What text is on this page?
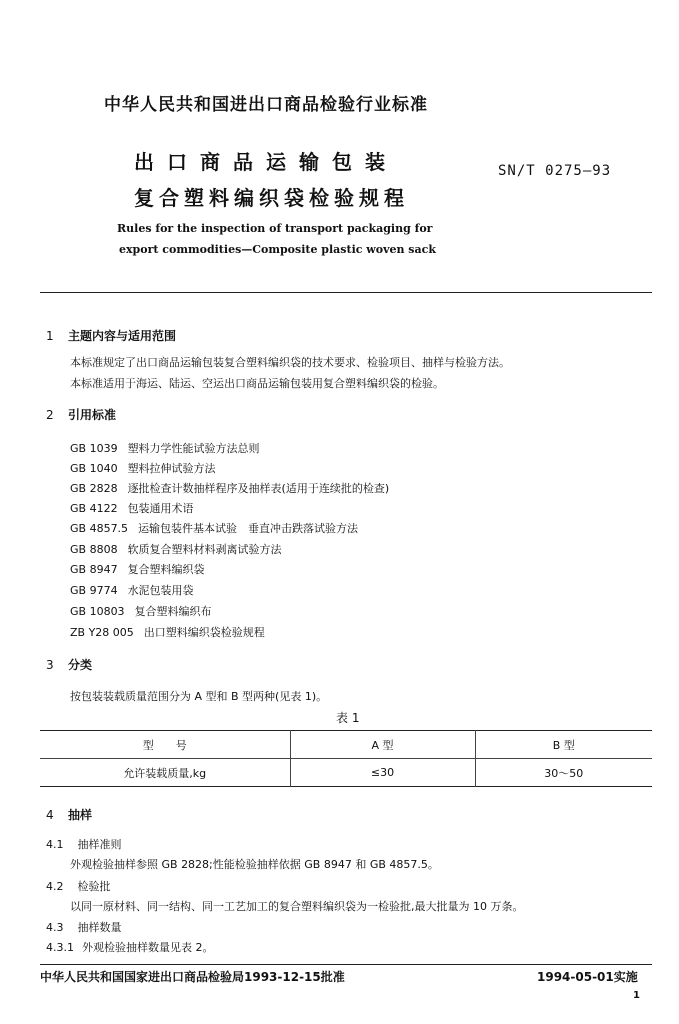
中华人民共和国进出口商品检验行业标准
出口商品运输包装
复合塑料编织袋检验规程
SN/T 0275—93
Rules for the inspection of transport packaging for
export commodities—Composite plastic woven sack
1 主题内容与适用范围
本标准规定了出口商品运输包装复合塑料编织袋的技术要求、检验项目、抽样与检验方法。
本标准适用于海运、陆运、空运出口商品运输包装用复合塑料编织袋的检验。
2 引用标准
GB 1039 塑料力学性能试验方法总则
GB 1040 塑料拉伸试验方法
GB 2828 逐批检查计数抽样程序及抽样表(适用于连续批的检查)
GB 4122 包装通用术语
GB 4857.5 运输包装件基本试验　垂直冲击跌落试验方法
GB 8808 软质复合塑料材料剥离试验方法
GB 8947 复合塑料编织袋
GB 9774 水泥包装用袋
GB 10803 复合塑料编织布
ZB Y28 005 出口塑料编织袋检验规程
3 分类
按包装装载质量范围分为 A 型和 B 型两种(见表 1)。
表 1
型　　号	A 型	B 型
允许装载质量,kg	≤30	30～50
4 抽样
4.1 抽样准则
外观检验抽样参照 GB 2828;性能检验抽样依据 GB 8947 和 GB 4857.5。
4.2 检验批
以同一原材料、同一结构、同一工艺加工的复合塑料编织袋为一检验批,最大批量为 10 万条。
4.3 抽样数量
4.3.1 外观检验抽样数量见表 2。
中华人民共和国国家进出口商品检验局1993-12-15批准	1994-05-01实施
1
